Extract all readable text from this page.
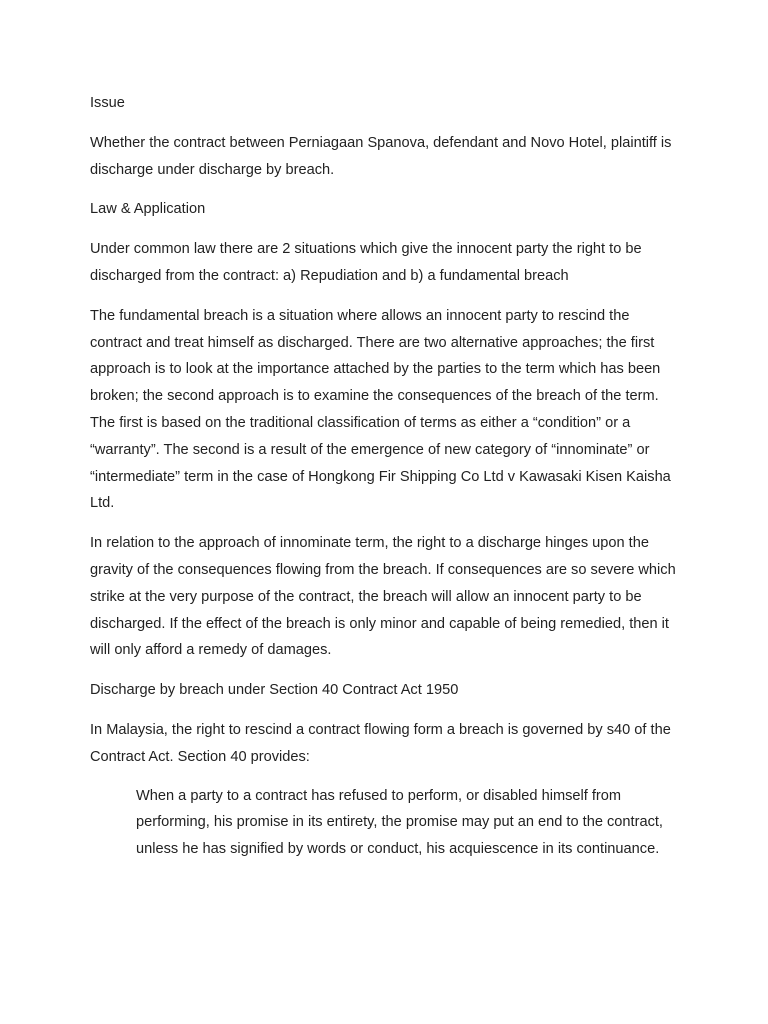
Issue

Whether the contract between Perniagaan Spanova, defendant and Novo Hotel, plaintiff is discharge under discharge by breach.

Law & Application

Under common law there are 2 situations which give the innocent party the right to be discharged from the contract: a) Repudiation and b) a fundamental breach

The fundamental breach is a situation where allows an innocent party to rescind the contract and treat himself as discharged. There are two alternative approaches; the first approach is to look at the importance attached by the parties to the term which has been broken; the second approach is to examine the consequences of the breach of the term. The first is based on the traditional classification of terms as either a “condition” or a “warranty”. The second is a result of the emergence of new category of “innominate” or “intermediate” term in the case of Hongkong Fir Shipping Co Ltd v Kawasaki Kisen Kaisha Ltd.

In relation to the approach of innominate term, the right to a discharge hinges upon the gravity of the consequences flowing from the breach. If consequences are so severe which strike at the very purpose of the contract, the breach will allow an innocent party to be discharged. If the effect of the breach is only minor and capable of being remedied, then it will only afford a remedy of damages.

Discharge by breach under Section 40 Contract Act 1950

In Malaysia, the right to rescind a contract flowing form a breach is governed by s40 of the Contract Act. Section 40 provides:

When a party to a contract has refused to perform, or disabled himself from performing, his promise in its entirety, the promise may put an end to the contract, unless he has signified by words or conduct, his acquiescence in its continuance.
